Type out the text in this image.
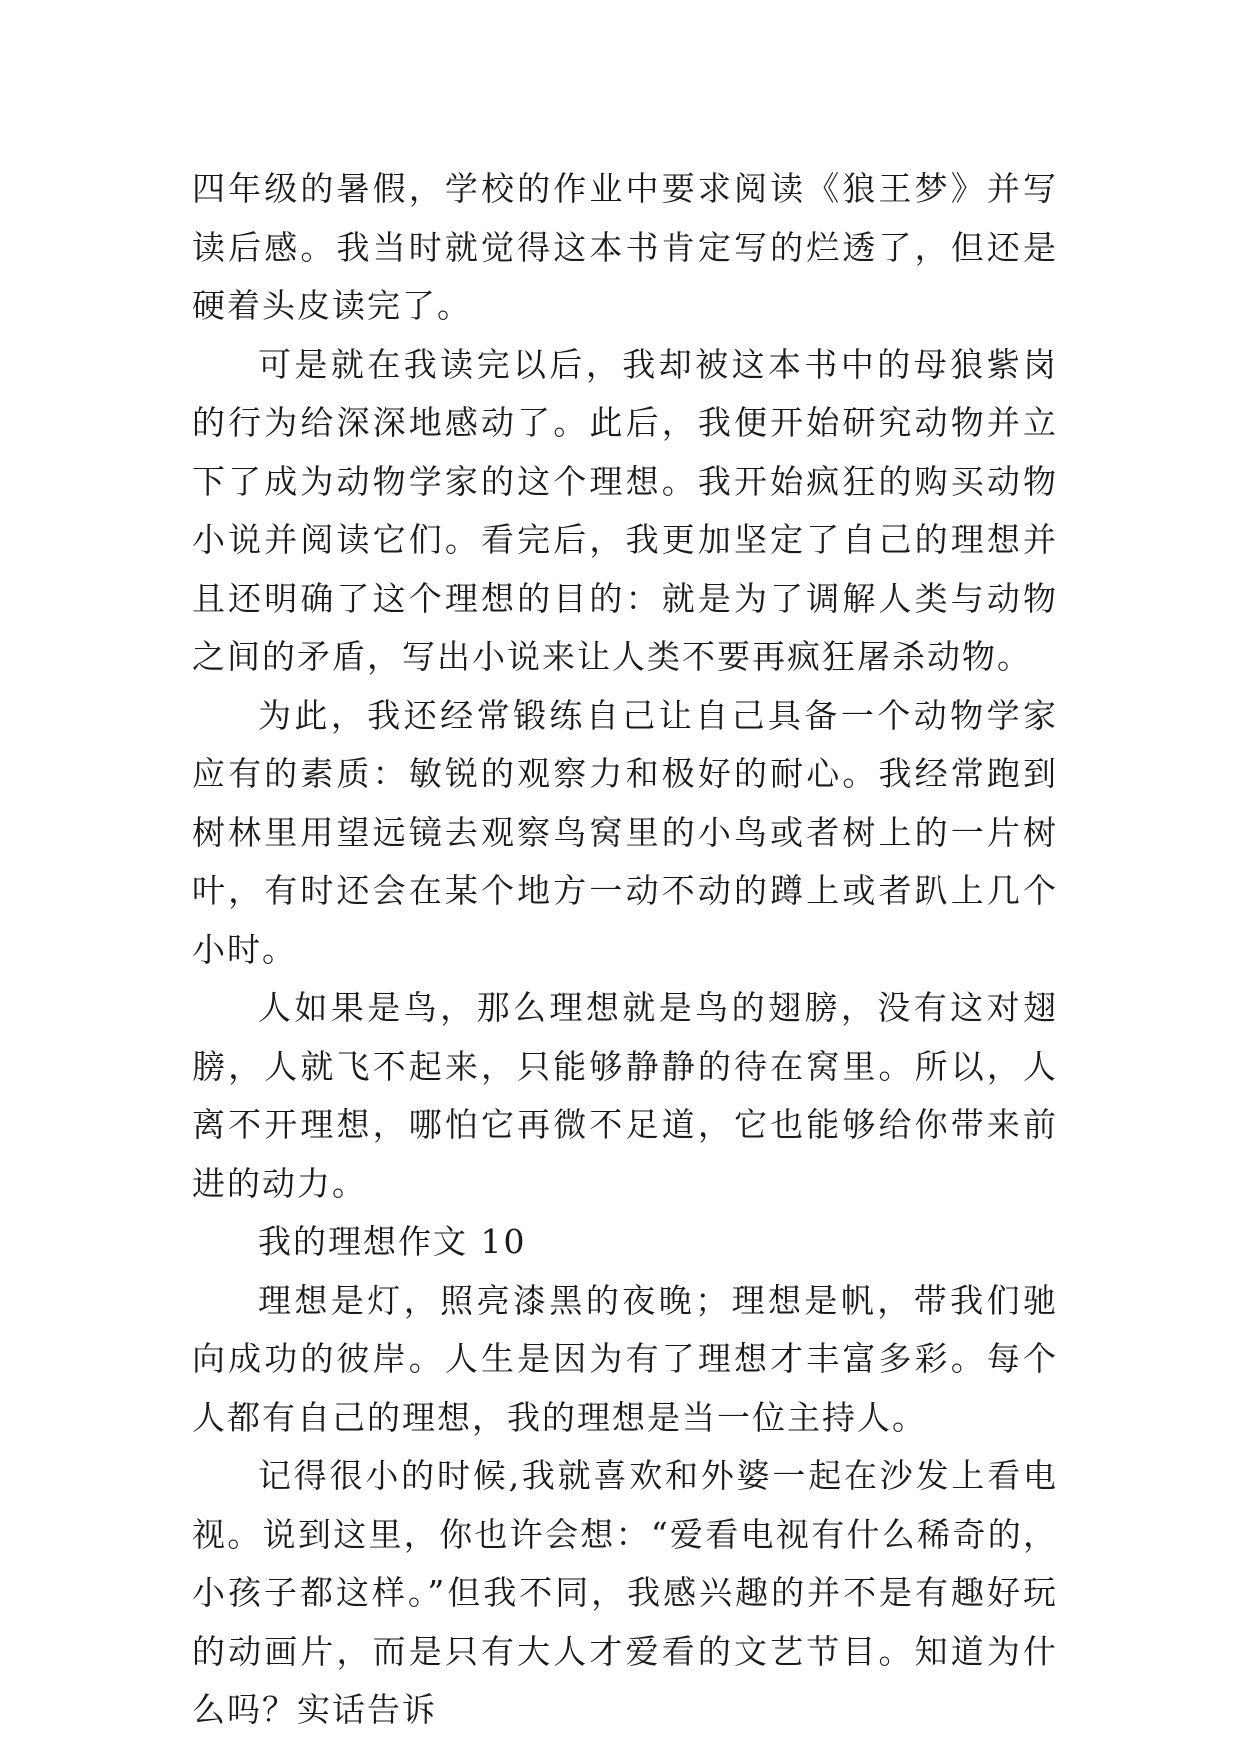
四年级的暑假，学校的作业中要求阅读《狼王梦》并写读后感。我当时就觉得这本书肯定写的烂透了，但还是硬着头皮读完了。

可是就在我读完以后，我却被这本书中的母狼紫岗的行为给深深地感动了。此后，我便开始研究动物并立下了成为动物学家的这个理想。我开始疯狂的购买动物小说并阅读它们。看完后，我更加坚定了自己的理想并且还明确了这个理想的目的：就是为了调解人类与动物之间的矛盾，写出小说来让人类不要再疯狂屠杀动物。

为此，我还经常锻练自己让自己具备一个动物学家应有的素质：敏锐的观察力和极好的耐心。我经常跑到树林里用望远镜去观察鸟窝里的小鸟或者树上的一片树叶，有时还会在某个地方一动不动的蹲上或者趴上几个小时。

人如果是鸟，那么理想就是鸟的翅膀，没有这对翅膀，人就飞不起来，只能够静静的待在窝里。所以，人离不开理想，哪怕它再微不足道，它也能够给你带来前进的动力。

我的理想作文 10

理想是灯，照亮漆黑的夜晚；理想是帆，带我们驰向成功的彼岸。人生是因为有了理想才丰富多彩。每个人都有自己的理想，我的理想是当一位主持人。

记得很小的时候,我就喜欢和外婆一起在沙发上看电视。说到这里，你也许会想：“爱看电视有什么稀奇的，小孩子都这样。”但我不同，我感兴趣的并不是有趣好玩的动画片，而是只有大人才爱看的文艺节目。知道为什么吗？实话告诉
